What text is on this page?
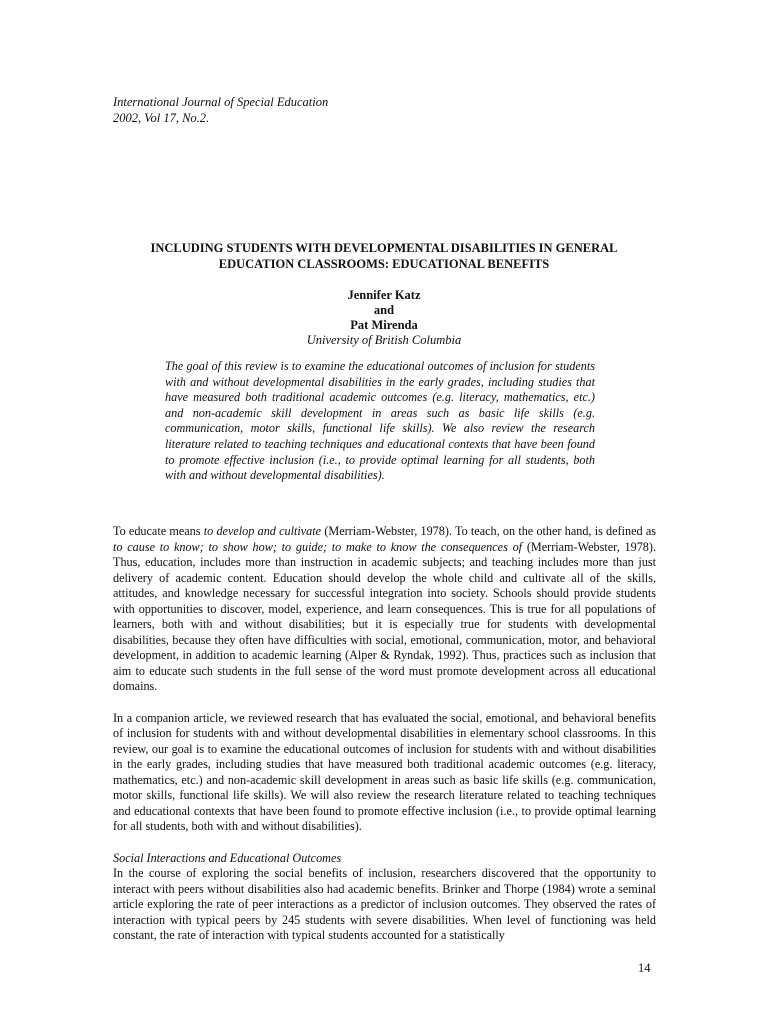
International Journal of Special Education
2002, Vol 17, No.2.
INCLUDING STUDENTS WITH DEVELOPMENTAL DISABILITIES IN GENERAL
EDUCATION CLASSROOMS: EDUCATIONAL BENEFITS
Jennifer Katz
and
Pat Mirenda
University of British Columbia

The goal of this review is to examine the educational outcomes of inclusion for students with and without developmental disabilities in the early grades, including studies that have measured both traditional academic outcomes (e.g. literacy, mathematics, etc.) and non-academic skill development in areas such as basic life skills (e.g. communication, motor skills, functional life skills). We also review the research literature related to teaching techniques and educational contexts that have been found to promote effective inclusion (i.e., to provide optimal learning for all students, both with and without developmental disabilities).

To educate means to develop and cultivate (Merriam-Webster, 1978). To teach, on the other hand, is defined as to cause to know; to show how; to guide; to make to know the consequences of (Merriam-Webster, 1978). Thus, education, includes more than instruction in academic subjects; and teaching includes more than just delivery of academic content. Education should develop the whole child and cultivate all of the skills, attitudes, and knowledge necessary for successful integration into society. Schools should provide students with opportunities to discover, model, experience, and learn consequences. This is true for all populations of learners, both with and without disabilities; but it is especially true for students with developmental disabilities, because they often have difficulties with social, emotional, communication, motor, and behavioral development, in addition to academic learning (Alper & Ryndak, 1992). Thus, practices such as inclusion that aim to educate such students in the full sense of the word must promote development across all educational domains.

In a companion article, we reviewed research that has evaluated the social, emotional, and behavioral benefits of inclusion for students with and without developmental disabilities in elementary school classrooms. In this review, our goal is to examine the educational outcomes of inclusion for students with and without disabilities in the early grades, including studies that have measured both traditional academic outcomes (e.g. literacy, mathematics, etc.) and non-academic skill development in areas such as basic life skills (e.g. communication, motor skills, functional life skills). We will also review the research literature related to teaching techniques and educational contexts that have been found to promote effective inclusion (i.e., to provide optimal learning for all students, both with and without disabilities).

Social Interactions and Educational Outcomes
In the course of exploring the social benefits of inclusion, researchers discovered that the opportunity to interact with peers without disabilities also had academic benefits. Brinker and Thorpe (1984) wrote a seminal article exploring the rate of peer interactions as a predictor of inclusion outcomes. They observed the rates of interaction with typical peers by 245 students with severe disabilities. When level of functioning was held constant, the rate of interaction with typical students accounted for a statistically

14
